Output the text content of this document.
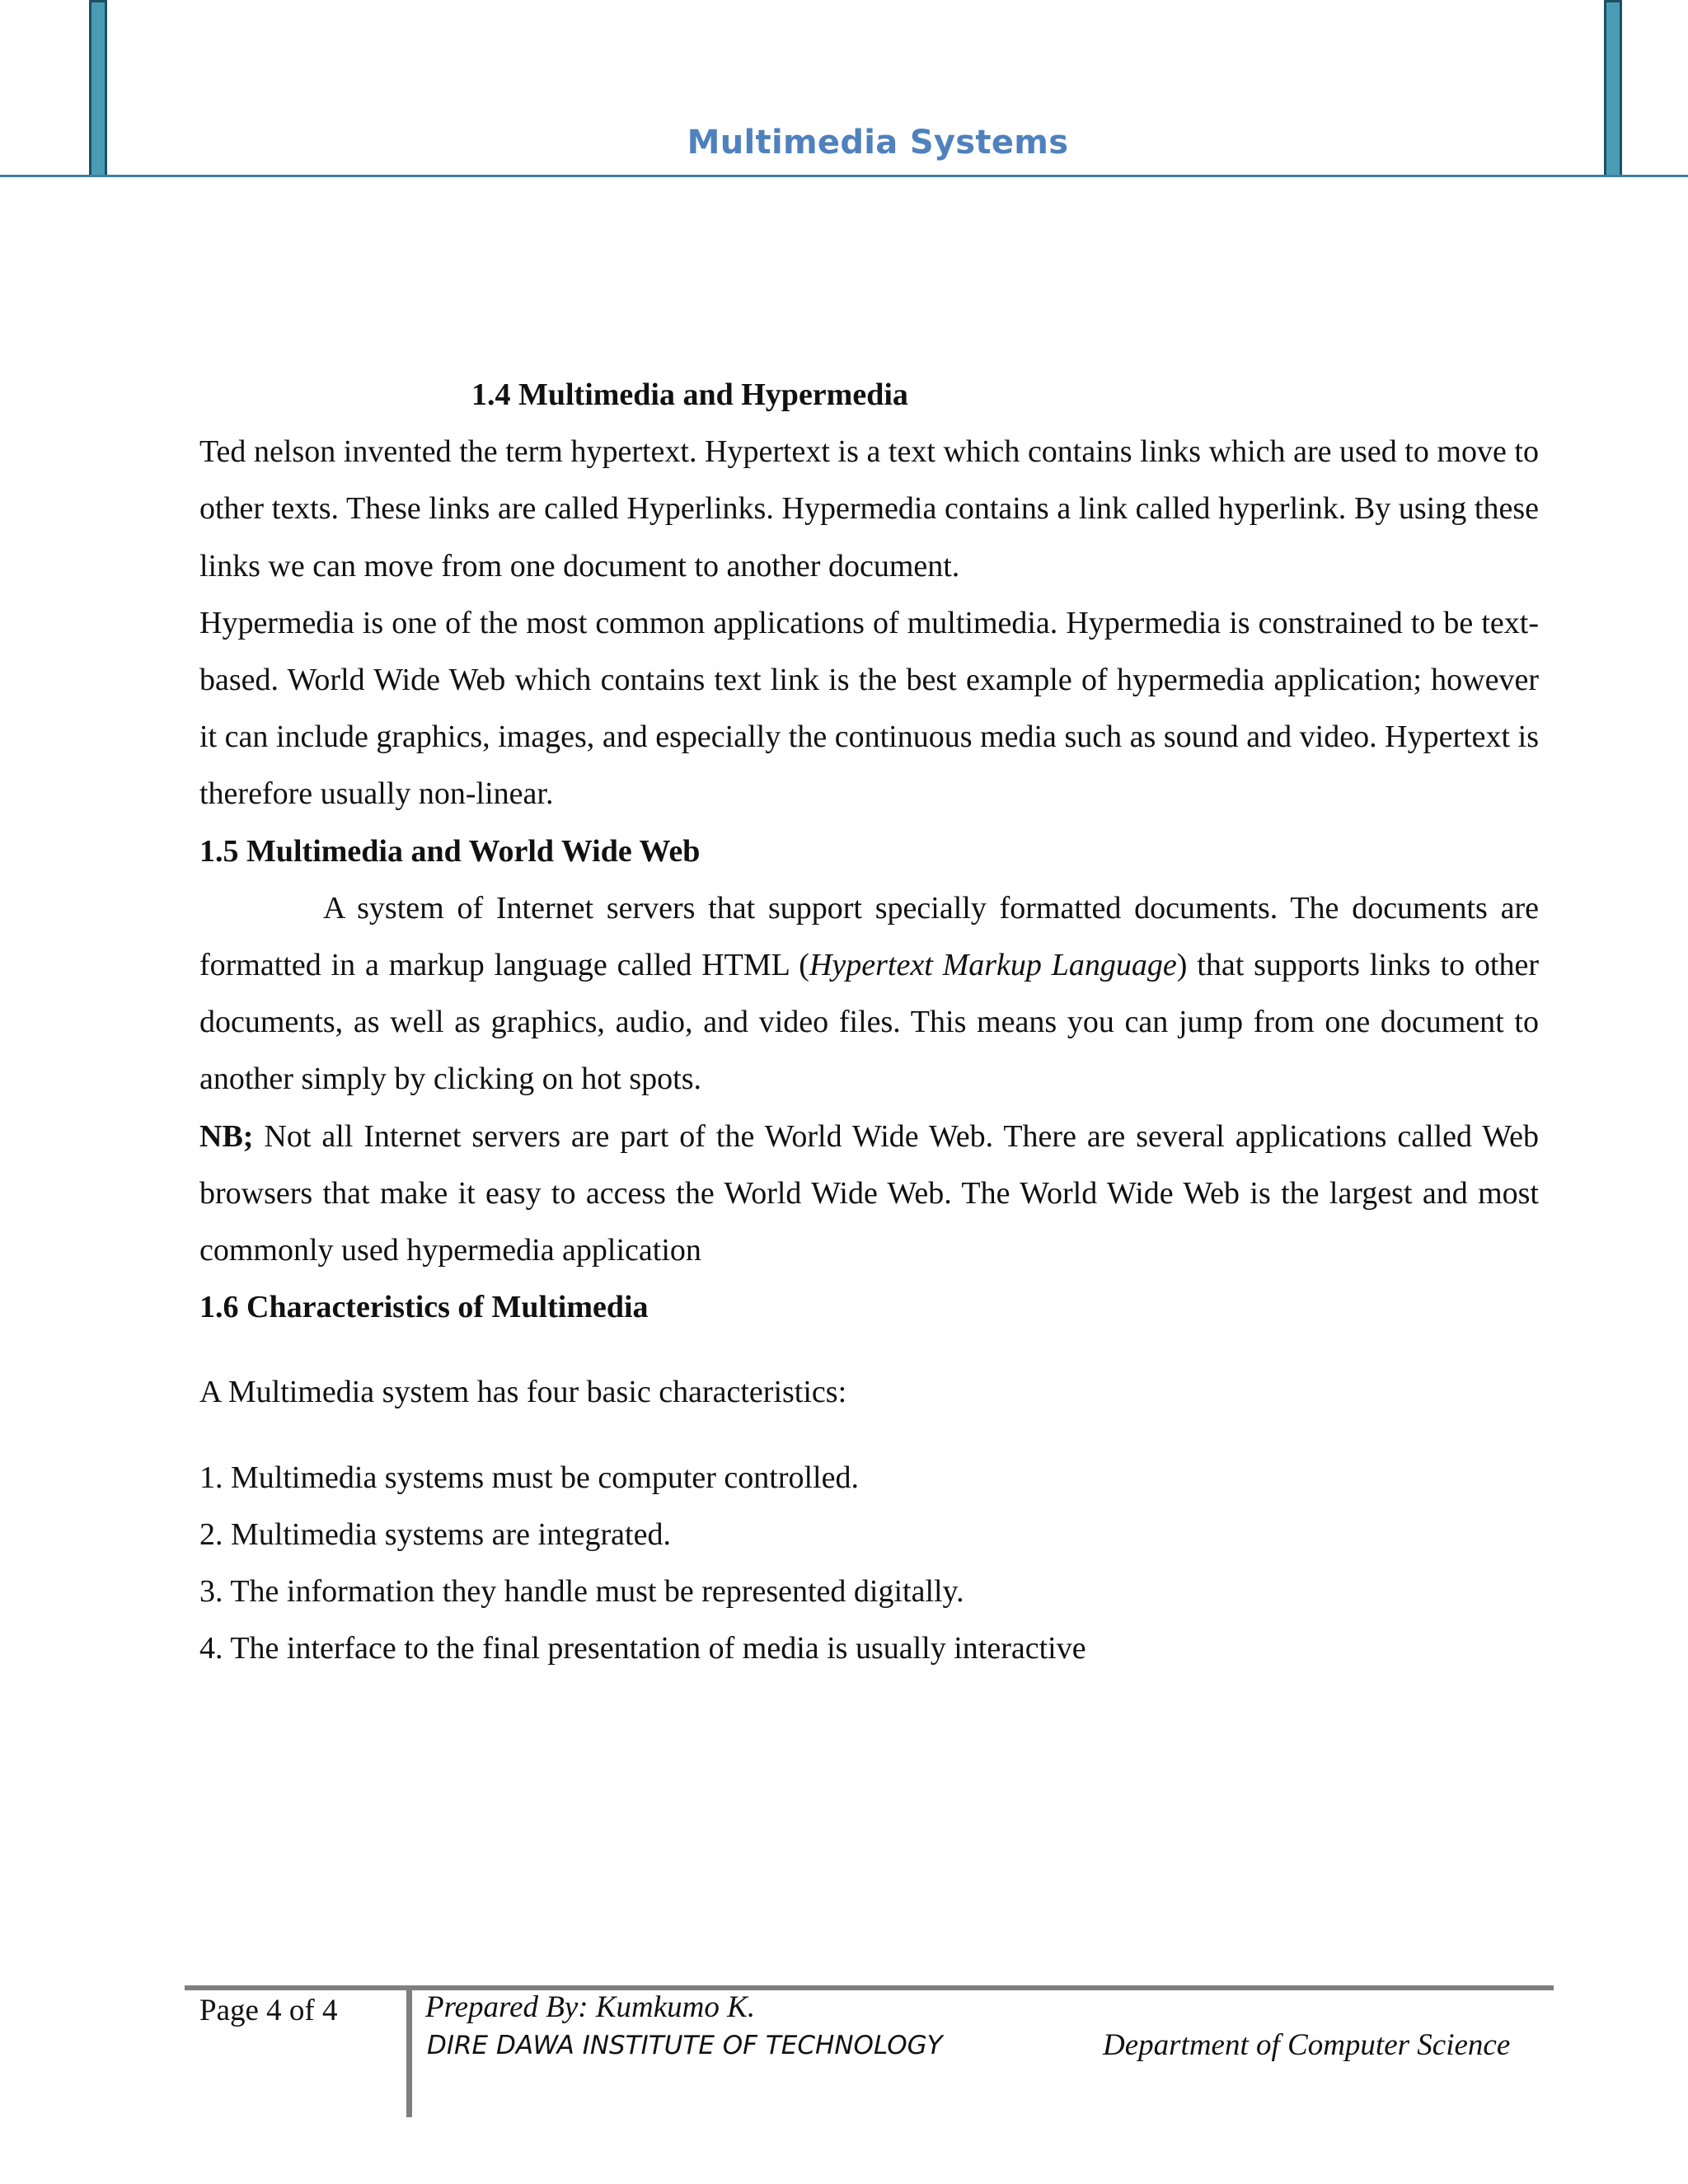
Multimedia Systems

1.4 Multimedia and Hypermedia

Ted nelson invented the term hypertext. Hypertext is a text which contains links which are used to move to other texts. These links are called Hyperlinks. Hypermedia contains a link called hyperlink. By using these links we can move from one document to another document.

Hypermedia is one of the most common applications of multimedia. Hypermedia is constrained to be text-based. World Wide Web which contains text link is the best example of hypermedia application; however it can include graphics, images, and especially the continuous media such as sound and video. Hypertext is therefore usually non-linear.

1.5 Multimedia and World Wide Web

A system of Internet servers that support specially formatted documents. The documents are formatted in a markup language called HTML (Hypertext Markup Language) that supports links to other documents, as well as graphics, audio, and video files. This means you can jump from one document to another simply by clicking on hot spots.

NB; Not all Internet servers are part of the World Wide Web. There are several applications called Web browsers that make it easy to access the World Wide Web. The World Wide Web is the largest and most commonly used hypermedia application

1.6 Characteristics of Multimedia

A Multimedia system has four basic characteristics:

1. Multimedia systems must be computer controlled.

2. Multimedia systems are integrated.

3. The information they handle must be represented digitally.

4. The interface to the final presentation of media is usually interactive

Page 4 of 4	Prepared By: Kumkumo K.
DIRE DAWA INSTITUTE OF TECHNOLOGY	Department of Computer Science
